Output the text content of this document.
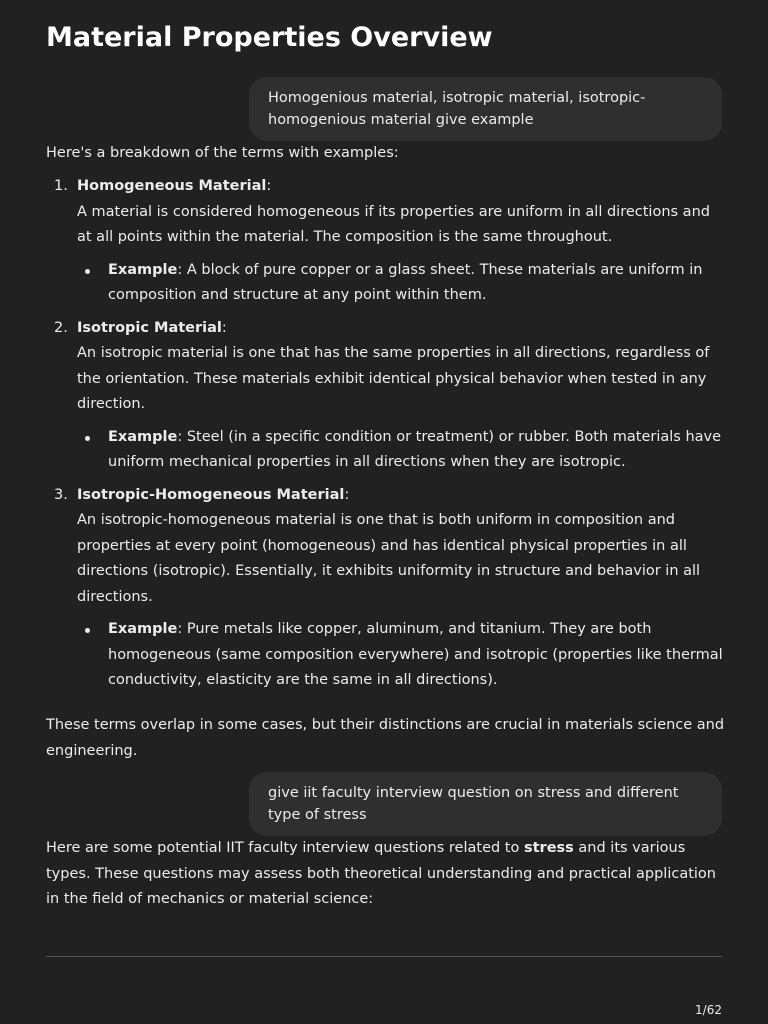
Material Properties Overview
Homogenious material, isotropic material, isotropic-homogenious material give example

Here's a breakdown of the terms with examples:

1. Homogeneous Material:
A material is considered homogeneous if its properties are uniform in all directions and at all points within the material. The composition is the same throughout.
Example: A block of pure copper or a glass sheet. These materials are uniform in composition and structure at any point within them.
2. Isotropic Material:
An isotropic material is one that has the same properties in all directions, regardless of the orientation. These materials exhibit identical physical behavior when tested in any direction.
Example: Steel (in a specific condition or treatment) or rubber. Both materials have uniform mechanical properties in all directions when they are isotropic.
3. Isotropic-Homogeneous Material:
An isotropic-homogeneous material is one that is both uniform in composition and properties at every point (homogeneous) and has identical physical properties in all directions (isotropic). Essentially, it exhibits uniformity in structure and behavior in all directions.
Example: Pure metals like copper, aluminum, and titanium. They are both homogeneous (same composition everywhere) and isotropic (properties like thermal conductivity, elasticity are the same in all directions).

These terms overlap in some cases, but their distinctions are crucial in materials science and engineering.

give iit faculty interview question on stress and different type of stress

Here are some potential IIT faculty interview questions related to stress and its various types. These questions may assess both theoretical understanding and practical application in the field of mechanics or material science:

1/62
